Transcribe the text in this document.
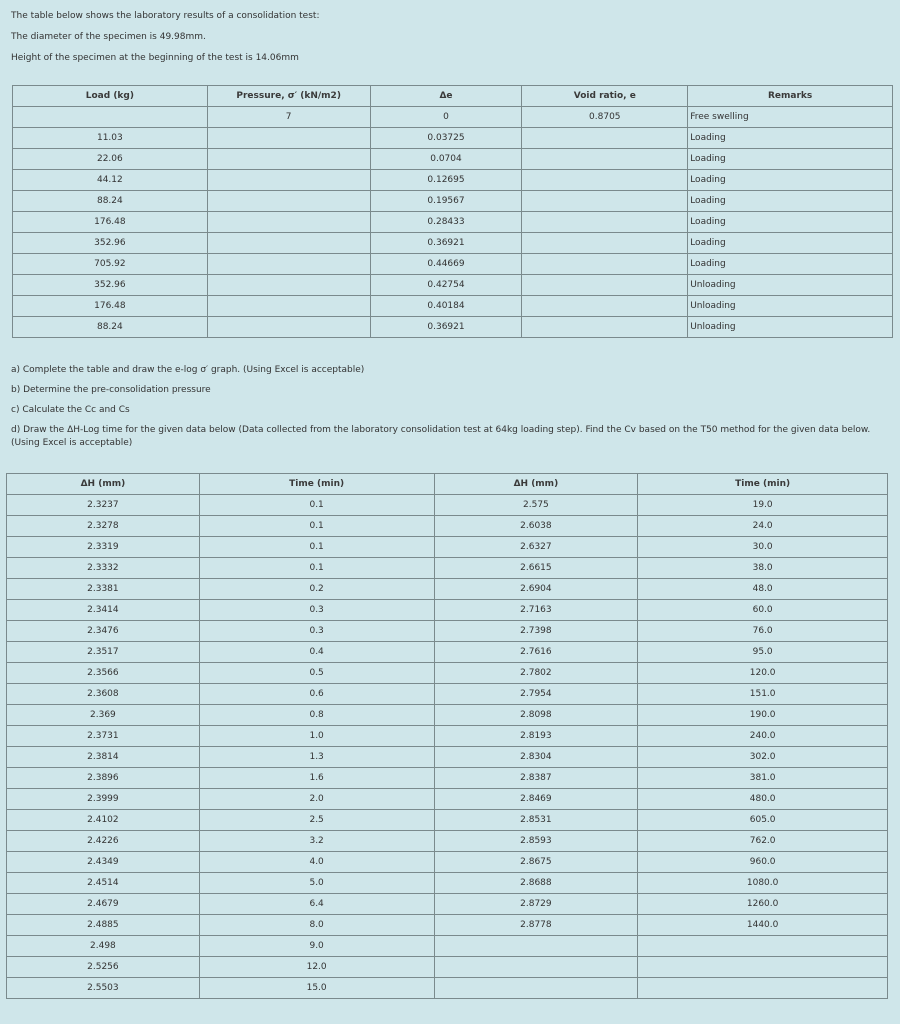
The table below shows the laboratory results of a consolidation test:
The diameter of the specimen is 49.98mm.
Height of the specimen at the beginning of the test is 14.06mm
Load (kg)	Pressure, σ′ (kN/m2)	Δe	Void ratio, e	Remarks
	7	0	0.8705	Free swelling
11.03		0.03725		Loading
22.06		0.0704		Loading
44.12		0.12695		Loading
88.24		0.19567		Loading
176.48		0.28433		Loading
352.96		0.36921		Loading
705.92		0.44669		Loading
352.96		0.42754		Unloading
176.48		0.40184		Unloading
88.24		0.36921		Unloading
a) Complete the table and draw the e-log σ′ graph. (Using Excel is acceptable)
b) Determine the pre-consolidation pressure
c) Calculate the Cc and Cs
d) Draw the ΔH-Log time for the given data below (Data collected from the laboratory consolidation test at 64kg loading step). Find the Cv based on the T50 method for the given data below.
(Using Excel is acceptable)
ΔH (mm)	Time (min)	ΔH (mm)	Time (min)
2.3237	0.1	2.575	19.0
2.3278	0.1	2.6038	24.0
2.3319	0.1	2.6327	30.0
2.3332	0.1	2.6615	38.0
2.3381	0.2	2.6904	48.0
2.3414	0.3	2.7163	60.0
2.3476	0.3	2.7398	76.0
2.3517	0.4	2.7616	95.0
2.3566	0.5	2.7802	120.0
2.3608	0.6	2.7954	151.0
2.369	0.8	2.8098	190.0
2.3731	1.0	2.8193	240.0
2.3814	1.3	2.8304	302.0
2.3896	1.6	2.8387	381.0
2.3999	2.0	2.8469	480.0
2.4102	2.5	2.8531	605.0
2.4226	3.2	2.8593	762.0
2.4349	4.0	2.8675	960.0
2.4514	5.0	2.8688	1080.0
2.4679	6.4	2.8729	1260.0
2.4885	8.0	2.8778	1440.0
2.498	9.0		
2.5256	12.0		
2.5503	15.0		
